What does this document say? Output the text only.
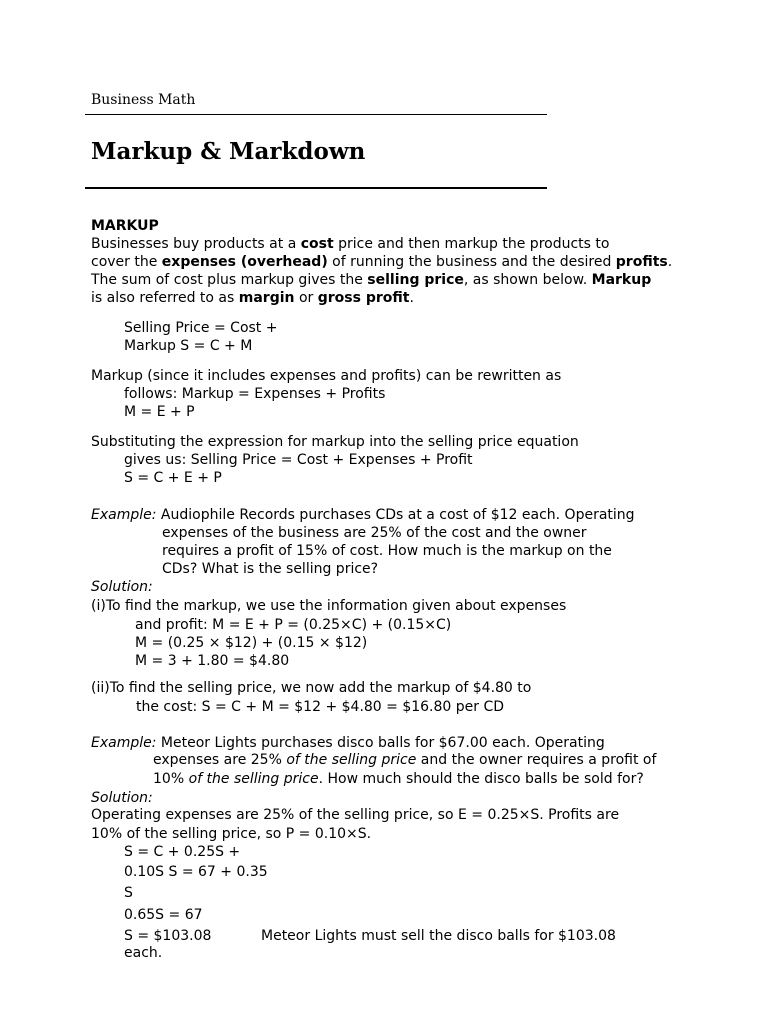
Business Math
Markup & Markdown
MARKUP
Businesses buy products at a cost price and then markup the products to
cover the expenses (overhead) of running the business and the desired profits.
The sum of cost plus markup gives the selling price, as shown below. Markup
is also referred to as margin or gross profit.
Selling Price = Cost +
Markup S = C + M
Markup (since it includes expenses and profits) can be rewritten as
follows: Markup = Expenses + Profits
M = E + P
Substituting the expression for markup into the selling price equation
gives us: Selling Price = Cost + Expenses + Profit
S = C + E + P
Example: Audiophile Records purchases CDs at a cost of $12 each. Operating
expenses of the business are 25% of the cost and the owner
requires a profit of 15% of cost. How much is the markup on the
CDs? What is the selling price?
Solution:
(i)To find the markup, we use the information given about expenses
and profit: M = E + P = (0.25×C) + (0.15×C)
M = (0.25 × $12) + (0.15 × $12)
M = 3 + 1.80 = $4.80
(ii)To find the selling price, we now add the markup of $4.80 to
the cost: S = C + M = $12 + $4.80 = $16.80 per CD
Example: Meteor Lights purchases disco balls for $67.00 each. Operating
expenses are 25% of the selling price and the owner requires a profit of
10% of the selling price. How much should the disco balls be sold for?
Solution:
Operating expenses are 25% of the selling price, so E = 0.25×S. Profits are
10% of the selling price, so P = 0.10×S.
S = C + 0.25S +
0.10S S = 67 + 0.35
S
0.65S = 67
S = $103.08	Meteor Lights must sell the disco balls for $103.08
each.
